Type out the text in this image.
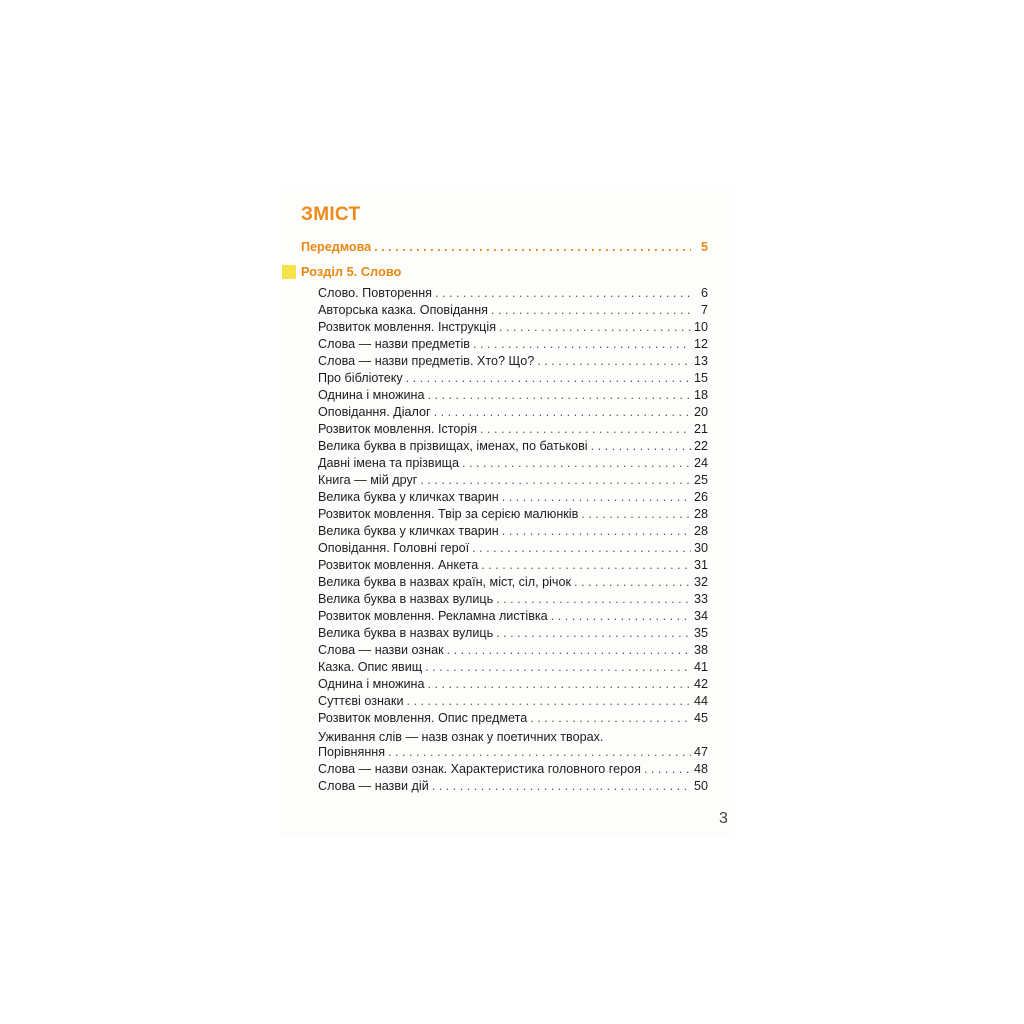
ЗМІСТ
Передмова . . .	5
Розділ 5. Слово
Слово. Повторення . . .	6
Авторська казка. Оповідання . . .	7
Розвиток мовлення. Інструкція . . .	10
Слова — назви предметів . . .	12
Слова — назви предметів. Хто? Що? . . .	13
Про бібліотеку . . .	15
Однина і множина . . .	18
Оповідання. Діалог . . .	20
Розвиток мовлення. Історія . . .	21
Велика буква в прізвищах, іменах, по батькові . . .	22
Давні імена та прізвища . . .	24
Книга — мій друг . . .	25
Велика буква у кличках тварин . . .	26
Розвиток мовлення. Твір за серією малюнків . . .	28
Велика буква у кличках тварин . . .	28
Оповідання. Головні герої . . .	30
Розвиток мовлення. Анкета . . .	31
Велика буква в назвах країн, міст, сіл, річок . . .	32
Велика буква в назвах вулиць . . .	33
Розвиток мовлення. Рекламна листівка . . .	34
Велика буква в назвах вулиць . . .	35
Слова — назви ознак . . .	38
Казка. Опис явищ . . .	41
Однина і множина . . .	42
Суттєві ознаки . . .	44
Розвиток мовлення. Опис предмета . . .	45
Уживання слів — назв ознак у поетичних творах.
Порівняння . . .	47
Слова — назви ознак. Характеристика головного героя . . .	48
Слова — назви дій . . .	50
3
